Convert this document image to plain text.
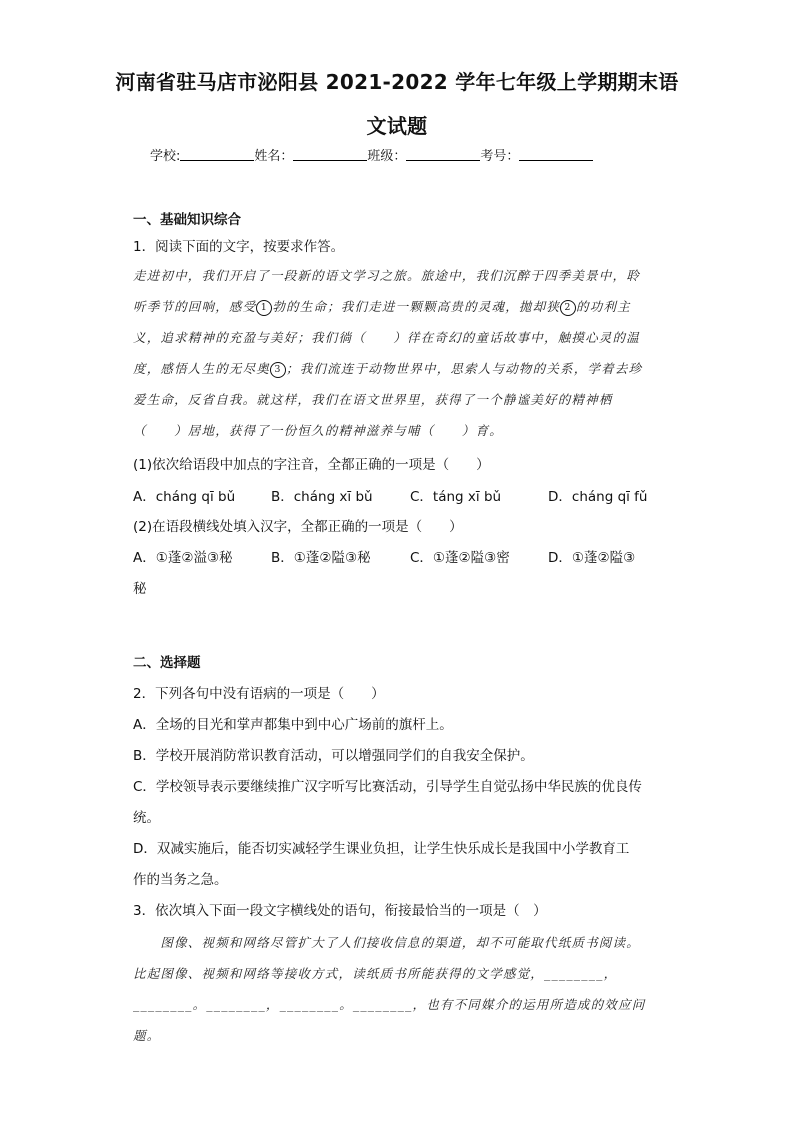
河南省驻马店市泌阳县 2021-2022 学年七年级上学期期末语
文试题
学校:	姓名：	班级：	考号：
一、基础知识综合
1．阅读下面的文字，按要求作答。
走进初中，我们开启了一段新的语文学习之旅。旅途中，我们沉醉于四季美景中，聆
听季节的回响，感受 1 勃的生命；我们走进一颗颗高贵的灵魂，拋却狭 2 的功利主
义，追求精神的充盈与美好；我们徜（　　）徉在奇幻的童话故事中，触摸心灵的温
度，感悟人生的无尽奥 3 ；我们流连于动物世界中，思索人与动物的关系，学着去珍
爱生命，反省自我。就这样，我们在语文世界里，获得了一个静谧美好的精神栖
（　　）居地，获得了一份恒久的精神滋养与哺（　　）育。
(1)依次给语段中加点的字注音，全都正确的一项是（　　）
A．cháng qī bǔ	B．cháng xī bǔ	C．táng xī bǔ	D．cháng qī fǔ
(2)在语段横线处填入汉字，全都正确的一项是（　　）
A．①蓬②溢③秘	B．①蓬②隘③秘	C．①蓬②隘③密	D．①蓬②隘③
秘
二、选择题
2．下列各句中没有语病的一项是（　　）
A．全场的目光和掌声都集中到中心广场前的旗杆上。
B．学校开展消防常识教育活动，可以增强同学们的自我安全保护。
C．学校领导表示要继续推广汉字听写比赛活动，引导学生自觉弘扬中华民族的优良传
统。
D．双减实施后，能否切实减轻学生课业负担，让学生快乐成长是我国中小学教育工
作的当务之急。
3．依次填入下面一段文字横线处的语句，衔接最恰当的一项是（　）
　　图像、视频和网络尽管扩大了人们接收信息的渠道，却不可能取代纸质书阅读。
比起图像、视频和网络等接收方式，读纸质书所能获得的文学感觉，________，
________。________，________。________，也有不同媒介的运用所造成的效应问
题。
